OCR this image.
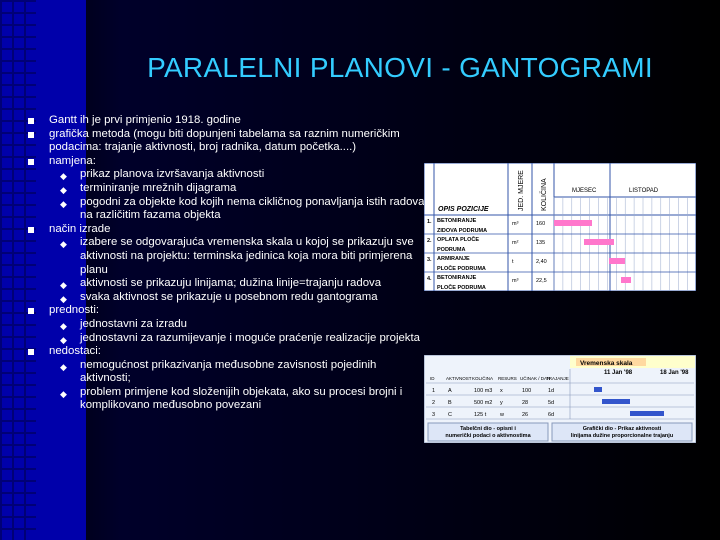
PARALELNI PLANOVI - GANTOGRAMI
Gantt ih je prvi primjenio 1918. godine
grafička metoda (mogu biti dopunjeni tabelama sa raznim numeričkim podacima: trajanje aktivnosti, broj radnika, datum početka....)
namjena:
◆ prikaz planova izvršavanja aktivnosti
◆ terminiranje mrežnih dijagrama
◆ pogodni za objekte kod kojih nema cikličnog ponavljanja istih radova na različitim fazama objekta
način izrade
◆ izabere se odgovarajuća vremenska skala u kojoj se prikazuju sve aktivnosti na projektu: terminska jedinica koja mora biti primjerena planu
◆ aktivnosti se prikazuju linijama; dužina linije=trajanju radova
◆ svaka aktivnost se prikazuje u posebnom redu gantograma
prednosti:
◆ jednostavni za izradu
◆ jednostavni za razumijevanje i moguće praćenje realizacije projekta
nedostaci:
◆ nemogućnost prikazivanja međusobne zavisnosti pojedinih aktivnosti;
◆ problem primjene kod složenijih objekata, ako su procesi brojni i komplikovano međusobno povezani
OPIS POZICIJE	JED. MJERE KOLIČINA	MJESEC	LISTOPAD
1. BETONIRANJE
ZIDOVA PODRUMA
m³	160
2. OPLATA PLOČE
PODRUMA
m²	135
3. ARMIRANJE
PLOČE PODRUMA
t	2,40
4. BETONIRANJE
PLOČE PODRUMA
m³	22,5
Vremenska skala
11 Jan '98	18 Jan '98
ID	AKTIVNOST KOLIČINA RESURS UČINAK / DAN
TRAJANJE
1 A	100 m3 x	100	1d
2 B	500 m2 y	28	5d
3 C	125 t	w	26	6d
Tabelčni dio - opisni i numerički podaci o aktivnostima
Grafički dio - Prikaz aktivnosti linijama dužine proporcionalne trajanju
